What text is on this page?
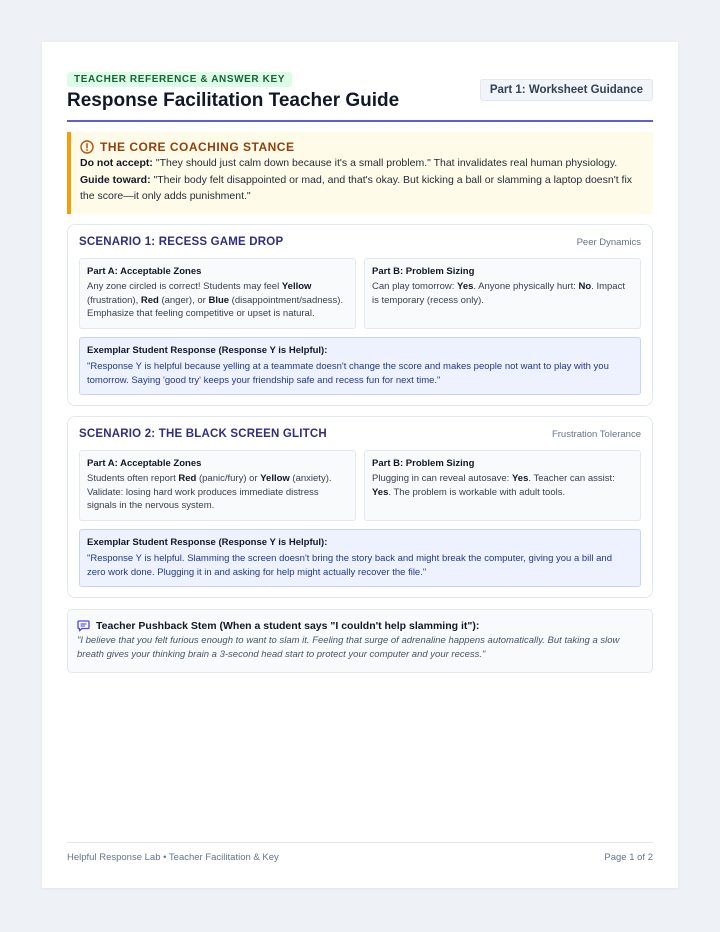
TEACHER REFERENCE & ANSWER KEY
Response Facilitation Teacher Guide	Part 1: Worksheet Guidance
THE CORE COACHING STANCE

Do not accept: "They should just calm down because it's a small problem." That invalidates real human physiology.

Guide toward: "Their body felt disappointed or mad, and that's okay. But kicking a ball or slamming a laptop doesn't fix the score—it only adds punishment."

SCENARIO 1: RECESS GAME DROP	Peer Dynamics
Part A: Acceptable Zones

Any zone circled is correct! Students may feel Yellow (frustration), Red (anger), or Blue (disappointment/sadness). Emphasize that feeling competitive or upset is natural.

Part B: Problem Sizing

Can play tomorrow: Yes. Anyone physically hurt: No. Impact is temporary (recess only).

Exemplar Student Response (Response Y is Helpful):

"Response Y is helpful because yelling at a teammate doesn't change the score and makes people not want to play with you tomorrow. Saying 'good try' keeps your friendship safe and recess fun for next time."

SCENARIO 2: THE BLACK SCREEN GLITCH	Frustration Tolerance
Part A: Acceptable Zones

Students often report Red (panic/fury) or Yellow (anxiety). Validate: losing hard work produces immediate distress signals in the nervous system.

Part B: Problem Sizing

Plugging in can reveal autosave: Yes. Teacher can assist: Yes. The problem is workable with adult tools.

Exemplar Student Response (Response Y is Helpful):

"Response Y is helpful. Slamming the screen doesn't bring the story back and might break the computer, giving you a bill and zero work done. Plugging it in and asking for help might actually recover the file."

Teacher Pushback Stem (When a student says "I couldn't help slamming it"):

"I believe that you felt furious enough to want to slam it. Feeling that surge of adrenaline happens automatically. But taking a slow breath gives your thinking brain a 3-second head start to protect your computer and your recess."

Helpful Response Lab • Teacher Facilitation & Key	Page 1 of 2
